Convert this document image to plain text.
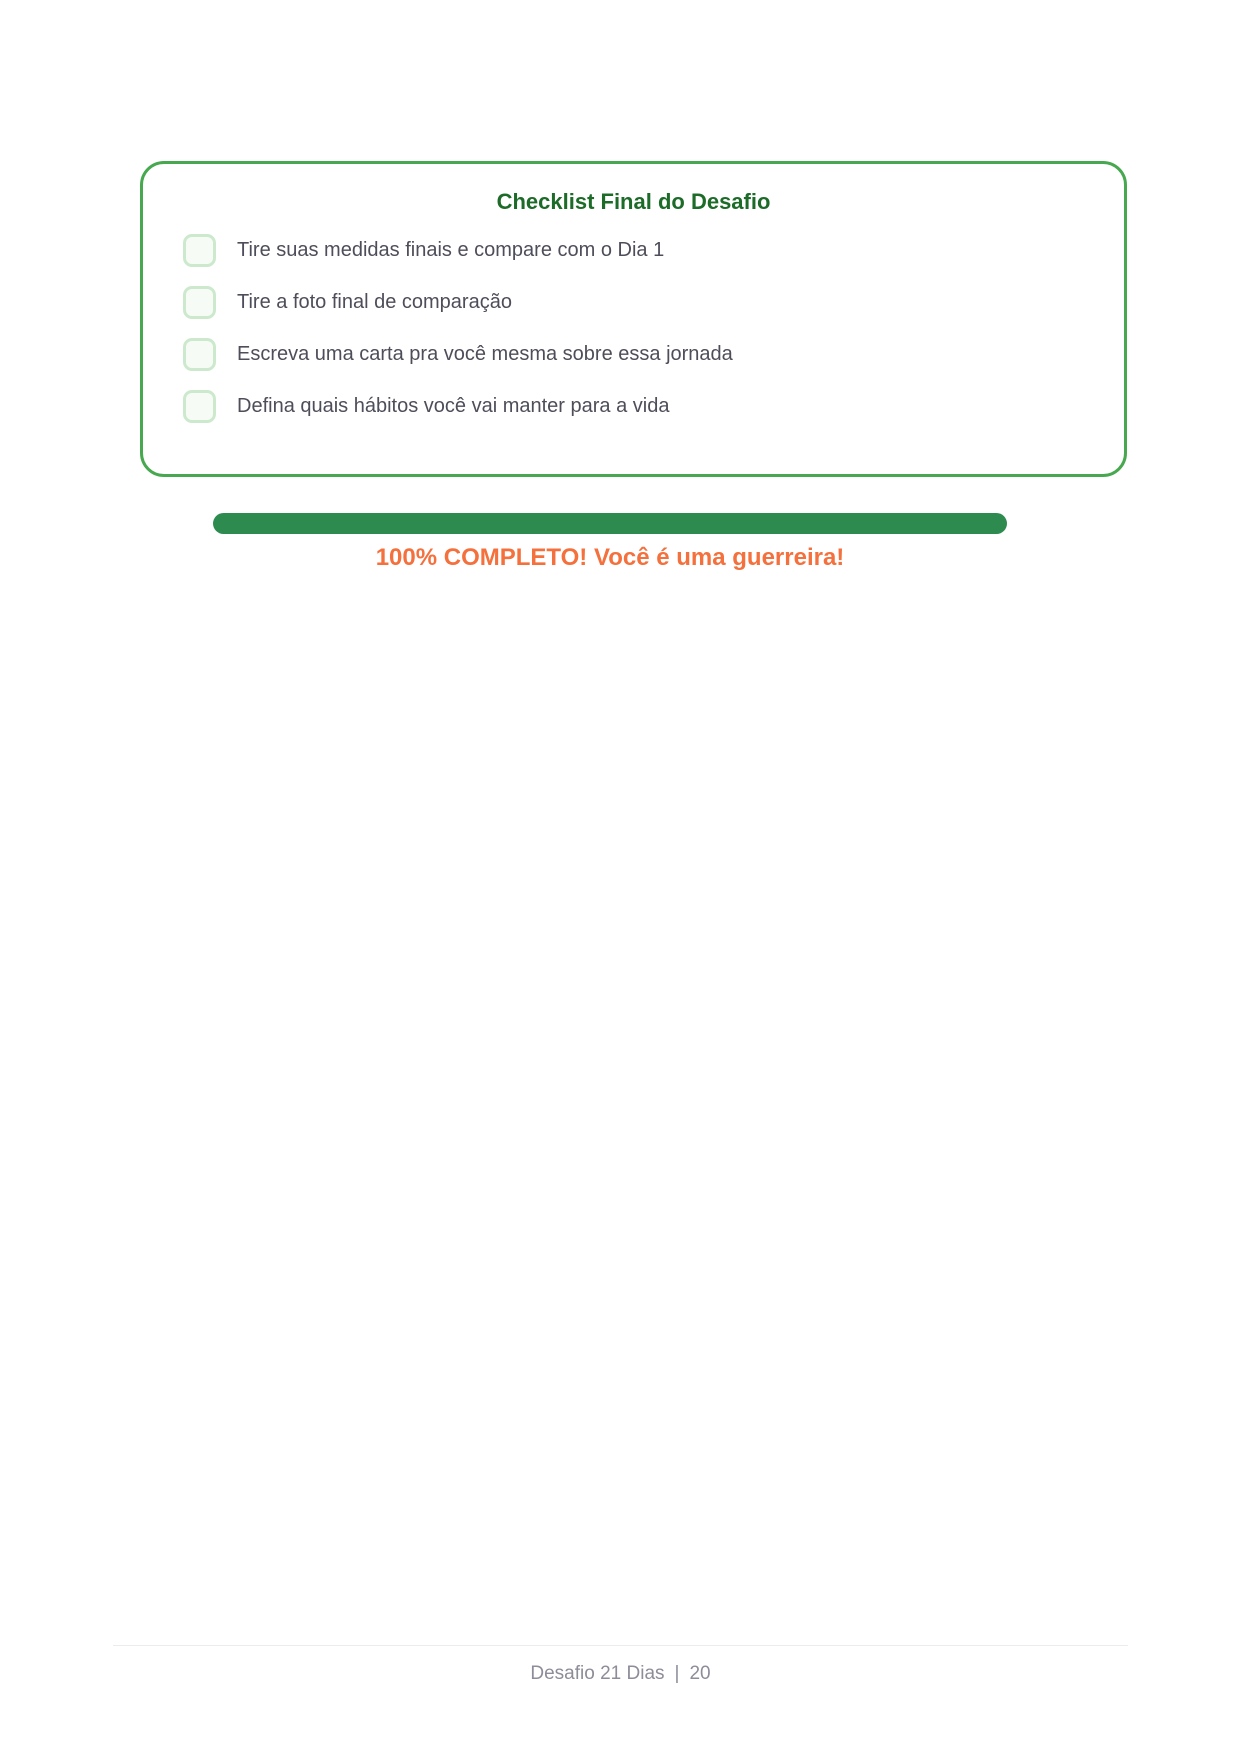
Checklist Final do Desafio
Tire suas medidas finais e compare com o Dia 1
Tire a foto final de comparação
Escreva uma carta pra você mesma sobre essa jornada
Defina quais hábitos você vai manter para a vida
100% COMPLETO! Você é uma guerreira!
Desafio 21 Dias | 20
